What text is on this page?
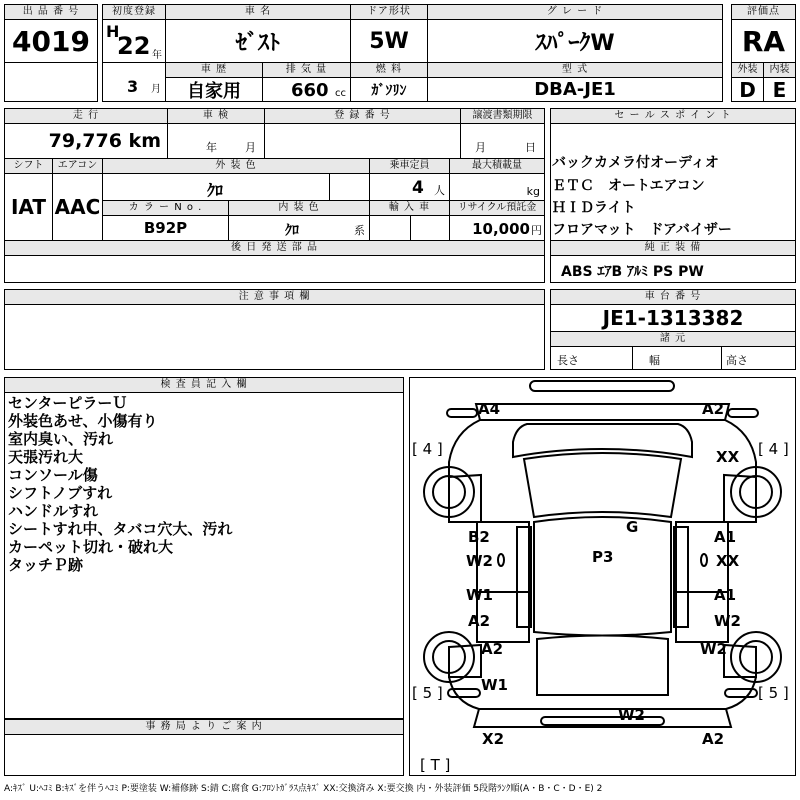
出 品 番 号
4019
初度登録
H
22 年
3 月
車 名
ｾﾞｽﾄ
ドア形状
5W
グ レ ー ド
ｽﾊﾟｰｸW
評価点
RA
車 歴
自家用
排 気 量
660 cc
燃 料
ｶﾞｿﾘﾝ
型 式
DBA-JE1
外装	内装
D E
走 行
79,776 km
車 検
年	月
登 録 番 号	譲渡書類期限
月	日
シフト
IAT
エアコン
AAC
外 装 色
ｸﾛ
乗車定員
4 人
最大積載量
kg
カ ラ ー N o .
B92P
内 装 色
ｸﾛ	系
輸 入 車	リサイクル預託金
10,000 円
後 日 発 送 部 品
セ ー ル ス ポ イ ン ト
バックカメラ付オーディオ
ＥＴＣ　オートエアコン
ＨＩＤライト
フロアマット　ドアバイザー
純 正 装 備
ABS ｴｱB ｱﾙﾐ PS PW
注 意 事 項 欄	車 台 番 号
JE1-1313382
諸 元
長さ	幅	高さ
検 査 員 記 入 欄
センターピラーＵ
外装色あせ、小傷有り
室内臭い、汚れ
天張汚れ大
コンソール傷
シフトノブすれ
ハンドルすれ
シートすれ中、タバコ穴大、汚れ
カーペット切れ・破れ大
タッチＰ跡
事 務 局 よ り ご 案 内
A4	A2
XX
G
B2
W2	P3
A1
XX
W1
A2
A1
W2
A2	W2
W1
W2
X2	A2
[ 4 ]	[ 4 ]
[ 5 ]	[ 5 ]
[ T ]
A:ｷｽﾞ U:ﾍｺﾐ B:ｷｽﾞを伴うﾍｺﾐ P:要塗装 W:補修跡 S:錆 C:腐食 G:ﾌﾛﾝﾄｶﾞﾗｽ点ｷｽﾞ XX:交換済み X:要交換 内・外装評価 5段階ﾗﾝｸ順(A・B・C・D・E) 2
